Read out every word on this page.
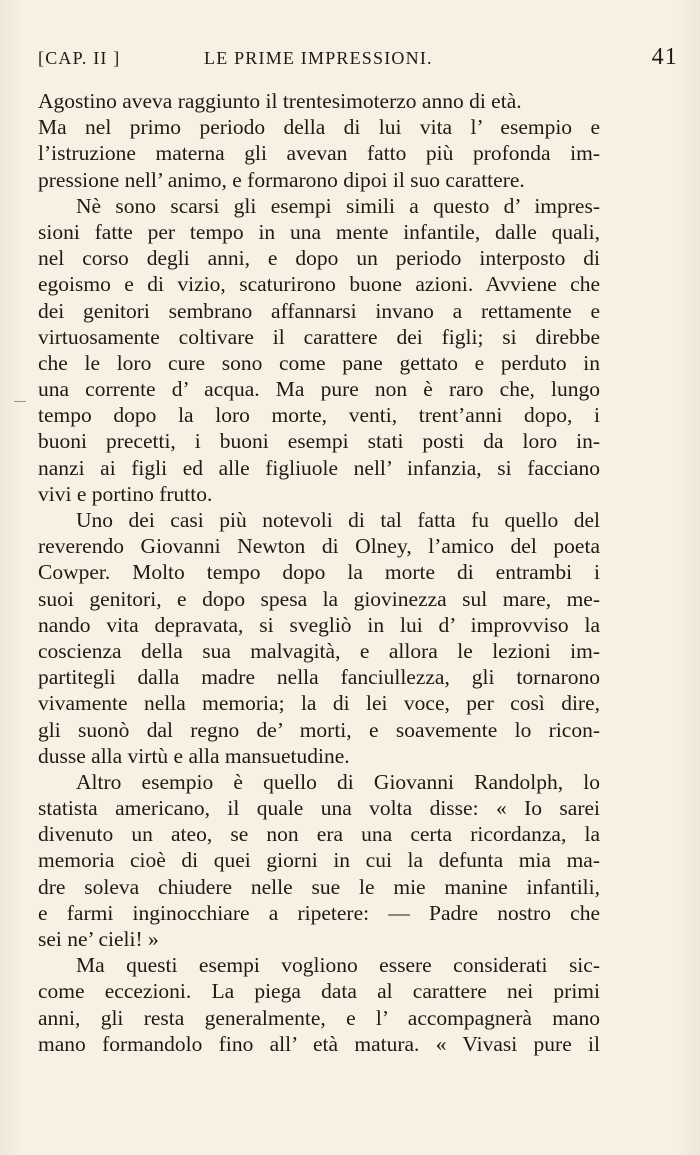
[CAP. II ]	LE PRIME IMPRESSIONI.	41
Agostino aveva raggiunto il trentesimoterzo anno di età.
Ma nel primo periodo della di lui vita l’ esempio e
l’istruzione materna gli avevan fatto più profonda im-
pressione nell’ animo, e formarono dipoi il suo carattere.
Nè sono scarsi gli esempi simili a questo d’ impres-
sioni fatte per tempo in una mente infantile, dalle quali,
nel corso degli anni, e dopo un periodo interposto di
egoismo e di vizio, scaturirono buone azioni. Avviene che
dei genitori sembrano affannarsi invano a rettamente e
virtuosamente coltivare il carattere dei figli; si direbbe
che le loro cure sono come pane gettato e perduto in
una corrente d’ acqua. Ma pure non è raro che, lungo
tempo dopo la loro morte, venti, trent’anni dopo, i
buoni precetti, i buoni esempi stati posti da loro in-
nanzi ai figli ed alle figliuole nell’ infanzia, si facciano
vivi e portino frutto.
Uno dei casi più notevoli di tal fatta fu quello del
reverendo Giovanni Newton di Olney, l’amico del poeta
Cowper. Molto tempo dopo la morte di entrambi i
suoi genitori, e dopo spesa la giovinezza sul mare, me-
nando vita depravata, si svegliò in lui d’ improvviso la
coscienza della sua malvagità, e allora le lezioni im-
partitegli dalla madre nella fanciullezza, gli tornarono
vivamente nella memoria; la di lei voce, per così dire,
gli suonò dal regno de’ morti, e soavemente lo ricon-
dusse alla virtù e alla mansuetudine.
Altro esempio è quello di Giovanni Randolph, lo
statista americano, il quale una volta disse: « Io sarei
divenuto un ateo, se non era una certa ricordanza, la
memoria cioè di quei giorni in cui la defunta mia ma-
dre soleva chiudere nelle sue le mie manine infantili,
e farmi inginocchiare a ripetere: — Padre nostro che
sei ne’ cieli! »
Ma questi esempi vogliono essere considerati sic-
come eccezioni. La piega data al carattere nei primi
anni, gli resta generalmente, e l’ accompagnerà mano
mano formandolo fino all’ età matura. « Vivasi pure il
